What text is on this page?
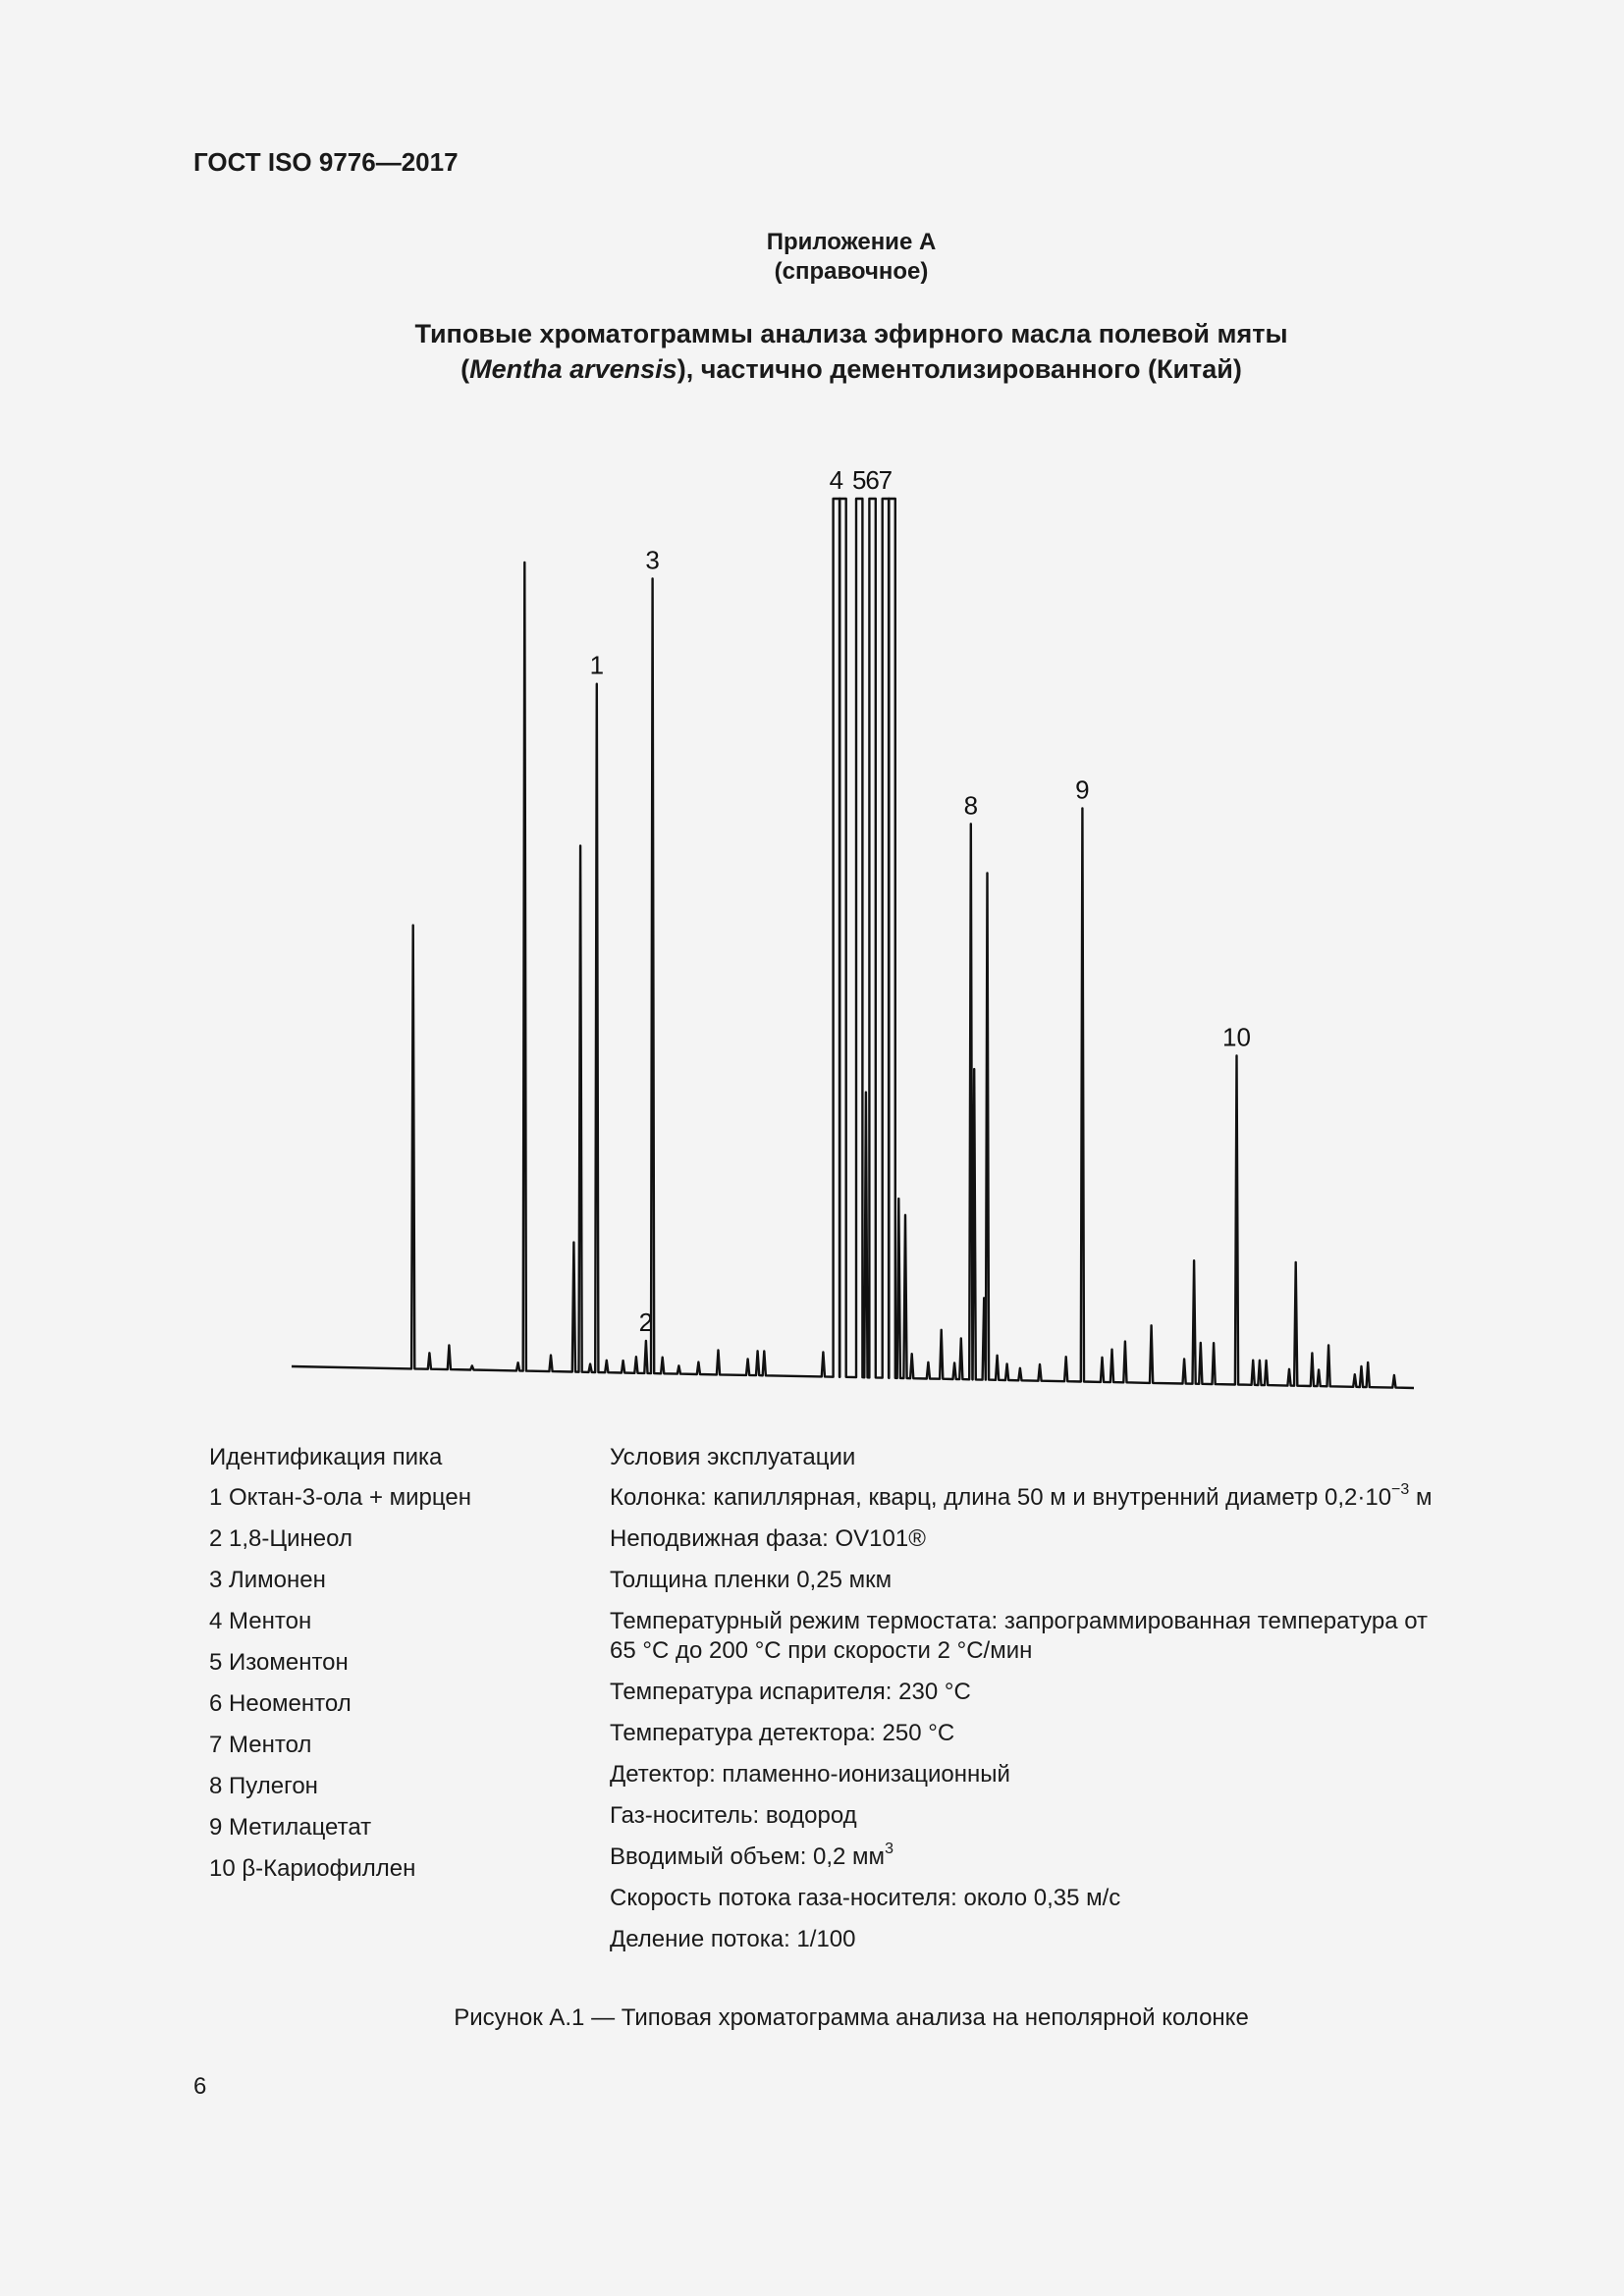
ГОСТ ISO 9776—2017
Приложение А
(справочное)
Типовые хроматограммы анализа эфирного масла полевой мяты
(Mentha arvensis), частично дементолизированного (Китай)
1
2
3
4 5
6
7
8
9
10
Идентификация пика
1 Октан-3-ола + мирцен
2 1,8-Цинеол
3 Лимонен
4 Ментон
5 Изоментон
6 Неоментол
7 Ментол
8 Пулегон
9 Метилацетат
10 β-Кариофиллен
Условия эксплуатации
Колонка: капиллярная, кварц, длина 50 м и внутренний диаметр $0,2\cdot 10^{-3}$ м
Неподвижная фаза: OV101®
Толщина пленки 0,25 мкм
Температурный режим термостата: запрограммированная температура от
65 °С до 200 °С при скорости 2 °С/мин
Температура испарителя: 230 °С
Температура детектора: 250 °С
Детектор: пламенно-ионизационный
Газ-носитель: водород
Вводимый объем: 0,2 $мм^3$
Скорость потока газа-носителя: около 0,35 м/с
Деление потока: 1/100
Рисунок А.1 — Типовая хроматограмма анализа на неполярной колонке
6
